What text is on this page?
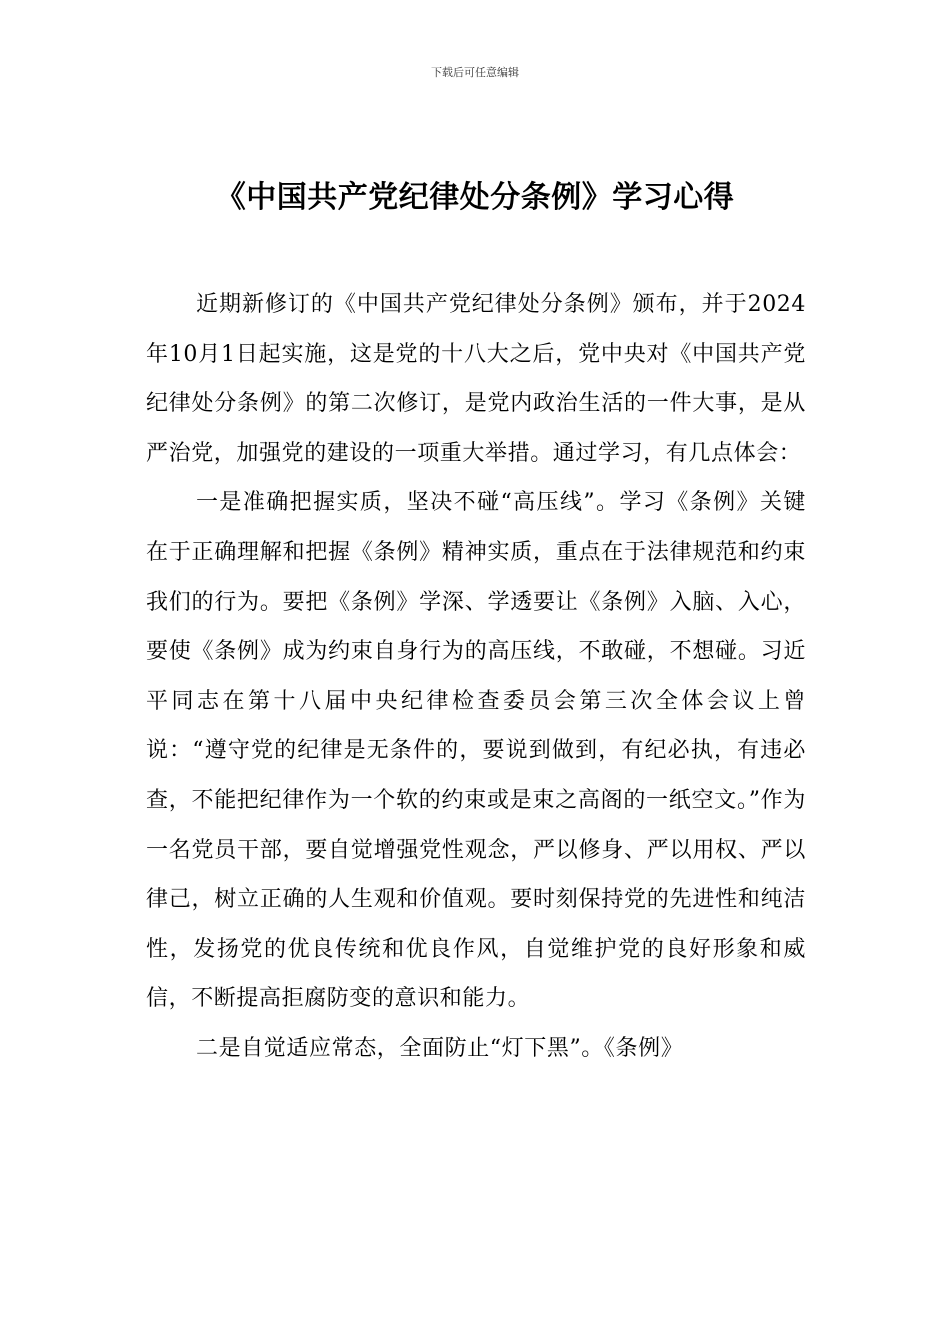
下载后可任意编辑
《中国共产党纪律处分条例》学习心得

近期新修订的《中国共产党纪律处分条例》颁布，并于2024年10月1日起实施，这是党的十八大之后，党中央对《中国共产党纪律处分条例》的第二次修订，是党内政治生活的一件大事，是从严治党，加强党的建设的一项重大举措。通过学习，有几点体会：

一是准确把握实质，坚决不碰“高压线”。学习《条例》关键在于正确理解和把握《条例》精神实质，重点在于法律规范和约束我们的行为。要把《条例》学深、学透要让《条例》入脑、入心，要使《条例》成为约束自身行为的高压线，不敢碰，不想碰。习近平同志在第十八届中央纪律检查委员会第三次全体会议上曾说：“遵守党的纪律是无条件的，要说到做到，有纪必执，有违必查，不能把纪律作为一个软的约束或是束之高阁的一纸空文。”作为一名党员干部，要自觉增强党性观念，严以修身、严以用权、严以律己，树立正确的人生观和价值观。要时刻保持党的先进性和纯洁性，发扬党的优良传统和优良作风，自觉维护党的良好形象和威信，不断提高拒腐防变的意识和能力。

二是自觉适应常态，全面防止“灯下黑”。《条例》
